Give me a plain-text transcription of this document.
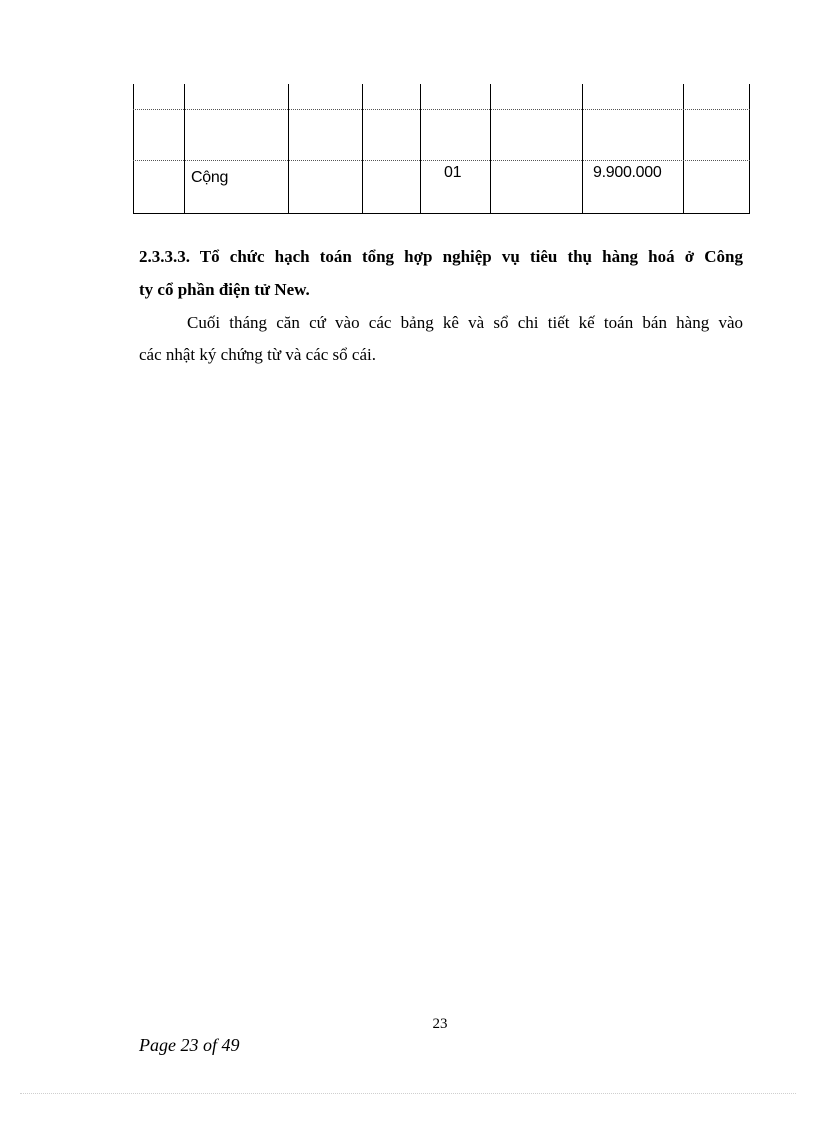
Cộng	01	9.900.000
2.3.3.3. Tổ chức hạch toán tổng hợp nghiệp vụ tiêu thụ hàng hoá ở Công
ty cổ phần điện tử New.
Cuối tháng căn cứ vào các bảng kê và sổ chi tiết kế toán bán hàng vào
các nhật ký chứng từ và các sổ cái.
23
Page 23 of 49
